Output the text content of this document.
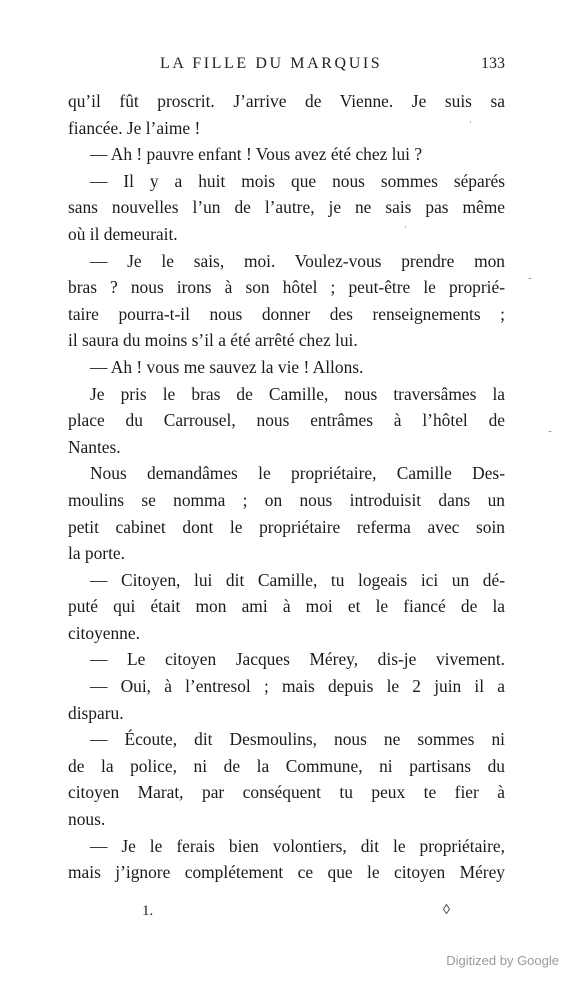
LA FILLE DU MARQUIS	133
qu’il fût proscrit. J’arrive de Vienne. Je suis sa
fiancée. Je l’aime !
— Ah ! pauvre enfant ! Vous avez été chez lui ?
— Il y a huit mois que nous sommes séparés
sans nouvelles l’un de l’autre, je ne sais pas même
où il demeurait.
— Je le sais, moi. Voulez-vous prendre mon
bras ? nous irons à son hôtel ; peut-être le proprié-
taire pourra-t-il nous donner des renseignements ;
il saura du moins s’il a été arrêté chez lui.
— Ah ! vous me sauvez la vie ! Allons.
Je pris le bras de Camille, nous traversâmes la
place du Carrousel, nous entrâmes à l’hôtel de
Nantes.
Nous demandâmes le propriétaire, Camille Des-
moulins se nomma ; on nous introduisit dans un
petit cabinet dont le propriétaire referma avec soin
la porte.
— Citoyen, lui dit Camille, tu logeais ici un dé-
puté qui était mon ami à moi et le fiancé de la
citoyenne.
— Le citoyen Jacques Mérey, dis-je vivement.
— Oui, à l’entresol ; mais depuis le 2 juin il a
disparu.
— Écoute, dit Desmoulins, nous ne sommes ni
de la police, ni de la Commune, ni partisans du
citoyen Marat, par conséquent tu peux te fier à
nous.
— Je le ferais bien volontiers, dit le propriétaire,
mais j’ignore complétement ce que le citoyen Mérey
1.
·
·
-
-
◊
Digitized by Google
